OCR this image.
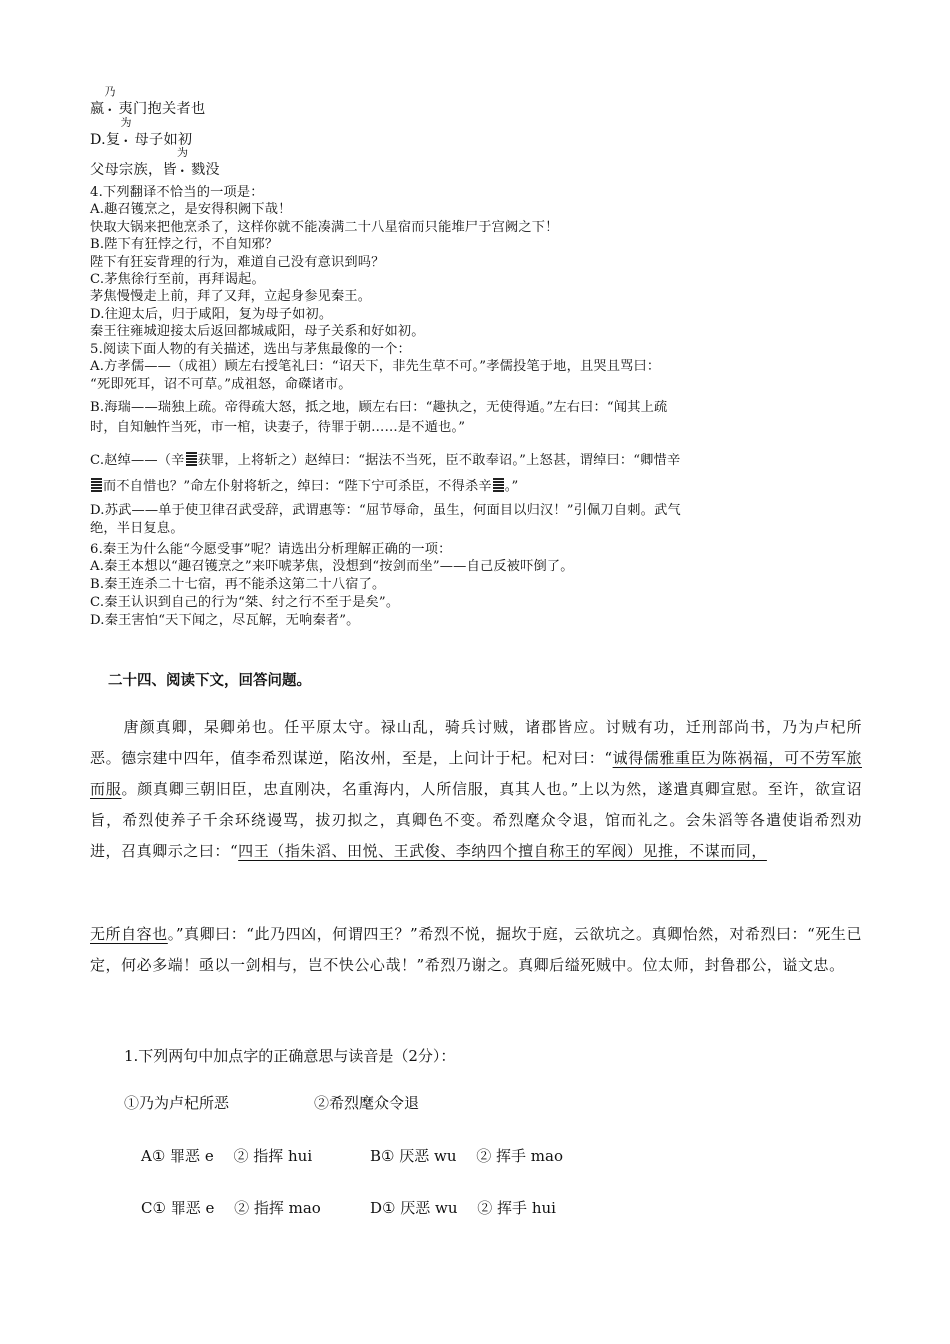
嬴
乃
. 夷门抱关者也
D.复
为
. 母子如初
父母宗族，皆
为
. 戮没
4.下列翻译不恰当的一项是：
A.趣召镬烹之，是安得积阙下哉！
快取大锅来把他烹杀了，这样你就不能凑满二十八星宿而只能堆尸于宫阙之下！
B.陛下有狂悖之行，不自知邪？
陛下有狂妄背理的行为，难道自己没有意识到吗？
C.茅焦徐行至前，再拜谒起。
茅焦慢慢走上前，拜了又拜，立起身参见秦王。
D.往迎太后，归于咸阳，复为母子如初。
秦王往雍城迎接太后返回都城咸阳，母子关系和好如初。
5.阅读下面人物的有关描述，选出与茅焦最像的一个：
A.方孝儒——（成祖）顾左右授笔礼曰：“诏天下，非先生草不可。”孝儒投笔于地，且哭且骂曰：
“死即死耳，诏不可草。”成祖怒，命磔诸市。
B.海瑞——瑞独上疏。帝得疏大怒，抵之地，顾左右曰：“趣执之，无使得遁。”左右曰：“闻其上疏
时，自知触忤当死，市一棺，诀妻子，待罪于朝……是不遁也。”
C.赵绰——（辛 获罪，上将斩之）赵绰曰：“据法不当死，臣不敢奉诏。”上怒甚，谓绰曰：“卿惜辛
而不自惜也？”命左仆射将斩之，绰曰：“陛下宁可杀臣，不得杀辛 。”
D.苏武——单于使卫律召武受辞，武谓惠等：“屈节辱命，虽生，何面目以归汉！”引佩刀自刺。武气
绝，半日复息。
6.秦王为什么能“今愿受事”呢？请选出分析理解正确的一项：
A.秦王本想以“趣召镬烹之”来吓唬茅焦，没想到“按剑而坐”——自己反被吓倒了。
B.秦王连杀二十七宿，再不能杀这第二十八宿了。
C.秦王认识到自己的行为“桀、纣之行不至于是矣”。
D.秦王害怕“天下闻之，尽瓦解，无响秦者”。
二十四、阅读下文，回答问题。
唐颜真卿，杲卿弟也。任平原太守。禄山乱，骑兵讨贼，诸郡皆应。讨贼有功，迁刑部尚书，乃为卢杞所恶。德宗建中四年，值李希烈谋逆，陷汝州，至是，上问计于杞。杞对曰：“诚得儒雅重臣为陈祸福，可不劳军旅而服。颜真卿三朝旧臣，忠直刚决，名重海内，人所信服，真其人也。”上以为然，遂遣真卿宣慰。至许，欲宣诏旨，希烈使养子千余环绕谩骂，拔刃拟之，真卿色不变。希烈麾众令退，馆而礼之。会朱滔等各遣使诣希烈劝进，召真卿示之曰：“四王（指朱滔、田悦、王武俊、李纳四个擅自称王的军阀）见推，不谋而同，
无所自容也。”真卿曰：“此乃四凶，何谓四王？”希烈不悦，掘坎于庭，云欲坑之。真卿怡然，对希烈曰：“死生已定，何必多端！亟以一剑相与，岂不快公心哉！”希烈乃谢之。真卿后缢死贼中。位太师，封鲁郡公，谥文忠。
1.下列两句中加点字的正确意思与读音是（2分）：
①乃为卢杞所恶	②希烈麾众令退
A① 罪恶 e　 ② 指挥 hui	B① 厌恶 wu　 ② 挥手 mao
C① 罪恶 e　 ② 指挥 mao	D① 厌恶 wu　 ② 挥手 hui
